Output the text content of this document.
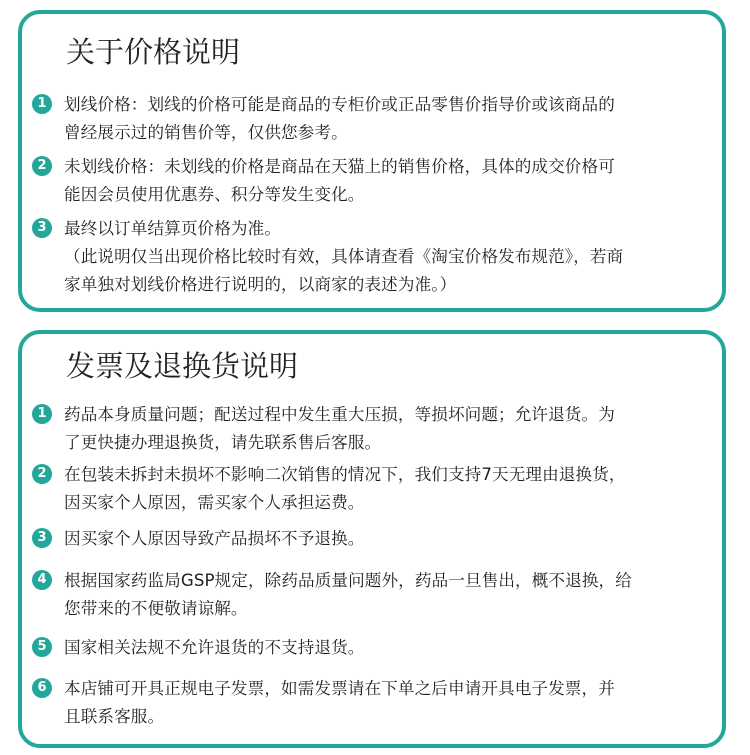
关于价格说明
1	划线价格：划线的价格可能是商品的专柜价或正品零售价指导价或该商品的
曾经展示过的销售价等，仅供您参考。
2	未划线价格：未划线的价格是商品在天猫上的销售价格，具体的成交价格可
能因会员使用优惠券、积分等发生变化。
3	最终以订单结算页价格为准。
（此说明仅当出现价格比较时有效，具体请查看《淘宝价格发布规范》，若商
家单独对划线价格进行说明的，以商家的表述为准。）
发票及退换货说明
1	药品本身质量问题；配送过程中发生重大压损，等损坏问题；允许退货。为
了更快捷办理退换货，请先联系售后客服。
2	在包装未拆封未损坏不影响二次销售的情况下，我们支持7天无理由退换货，
因买家个人原因，需买家个人承担运费。
3	因买家个人原因导致产品损坏不予退换。
4	根据国家药监局GSP规定，除药品质量问题外，药品一旦售出，概不退换，给
您带来的不便敬请谅解。
5	国家相关法规不允许退货的不支持退货。
6	本店铺可开具正规电子发票，如需发票请在下单之后申请开具电子发票，并
且联系客服。
